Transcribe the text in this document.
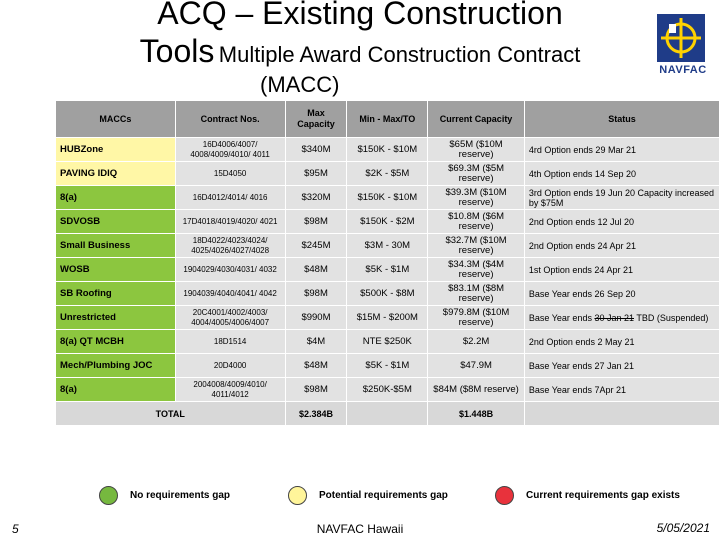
ACQ – Existing Construction
Tools Multiple Award Construction Contract
(MACC)
NAVFAC
MACCs	Contract Nos.	Max Capacity	Min - Max/TO	Current Capacity	Status
HUBZone	16D4006/4007/ 4008/4009/4010/ 4011	$340M	$150K - $10M	$65M ($10M reserve)	4rd Option ends 29 Mar 21
PAVING IDIQ	15D4050	$95M	$2K - $5M	$69.3M ($5M reserve)	4th Option ends 14 Sep 20
8(a)	16D4012/4014/ 4016	$320M	$150K - $10M	$39.3M ($10M reserve)	3rd Option ends 19 Jun 20 Capacity increased by $75M
SDVOSB	17D4018/4019/4020/ 4021	$98M	$150K - $2M	$10.8M ($6M reserve)	2nd Option ends 12 Jul 20
Small Business	18D4022/4023/4024/ 4025/4026/4027/4028	$245M	$3M - 30M	$32.7M ($10M reserve)	2nd Option ends 24 Apr 21
WOSB	1904029/4030/4031/ 4032	$48M	$5K - $1M	$34.3M ($4M reserve)	1st Option ends 24 Apr 21
SB Roofing	1904039/4040/4041/ 4042	$98M	$500K - $8M	$83.1M ($8M reserve)	Base Year ends 26 Sep 20
Unrestricted	20C4001/4002/4003/ 4004/4005/4006/4007	$990M	$15M - $200M	$979.8M ($10M reserve)	Base Year ends 30 Jan 21 TBD (Suspended)
8(a) QT MCBH	18D1514	$4M	NTE $250K	$2.2M	2nd Option ends 2 May 21
Mech/Plumbing JOC	20D4000	$48M	$5K - $1M	$47.9M	Base Year ends 27 Jan 21
8(a)	2004008/4009/4010/ 4011/4012	$98M	$250K-$5M	$84M ($8M reserve)	Base Year ends 7Apr 21
TOTAL		$2.384B		$1.448B	
No requirements gap	Potential requirements gap	Current requirements gap exists
5	NAVFAC Hawaii	5/05/2021
